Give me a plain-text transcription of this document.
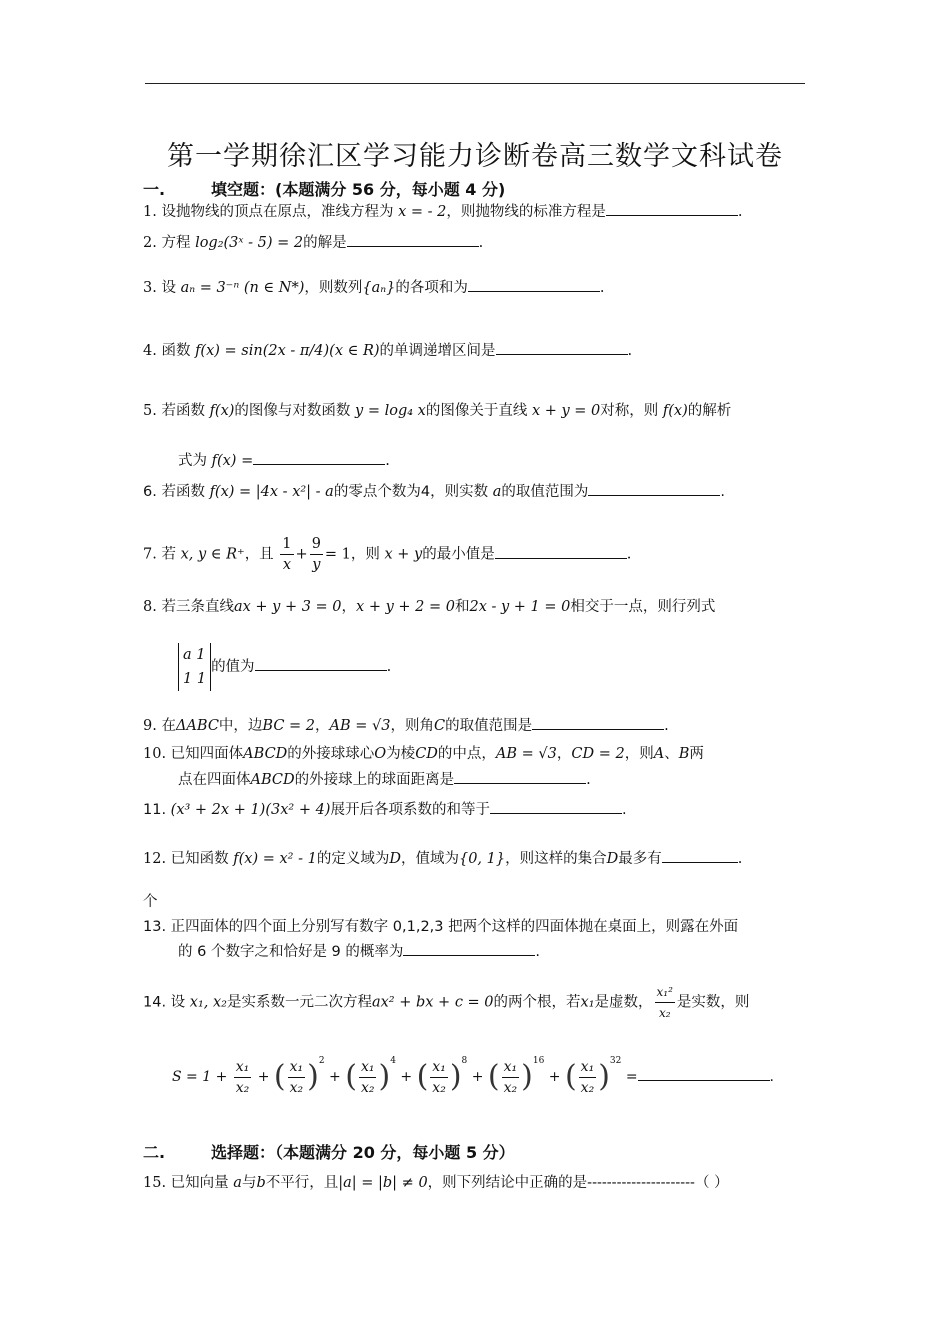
第一学期徐汇区学习能力诊断卷高三数学文科试卷
一.	填空题：(本题满分 56 分，每小题 4 分)
1. 设抛物线的顶点在原点，准线方程为 x = - 2，则抛物线的标准方程是	.
2. 方程 log₂(3ˣ - 5) = 2的解是	.
3. 设 aₙ = 3⁻ⁿ (n ∈ N*)，则数列{aₙ}的各项和为	.
4. 函数 f(x) = sin(2x - π/4)(x ∈ R)的单调递增区间是	.
5. 若函数 f(x)的图像与对数函数 y = log₄ x的图像关于直线 x + y = 0对称，则 f(x)的解析
式为 f(x) =	.
6. 若函数 f(x) = |4x - x²| - a的零点个数为4，则实数 a的取值范围为	.
7. 若 x, y ∈ R⁺，且 $\frac{1}{x} + \frac{9}{y} = 1$，则 x + y的最小值是	.
8. 若三条直线ax + y + 3 = 0，x + y + 2 = 0和2x - y + 1 = 0相交于一点，则行列式
a 1
1 1的值为	.
9. 在ΔABC中，边BC = 2，AB = √3，则角C的取值范围是	.
10. 已知四面体ABCD的外接球球心O为棱CD的中点，AB = √3，CD = 2，则A、B两
点在四面体ABCD的外接球上的球面距离是	.
11. (x³ + 2x + 1)(3x² + 4)展开后各项系数的和等于	.
12. 已知函数 f(x) = x² - 1的定义域为D，值域为{0, 1}，则这样的集合D最多有	.
个
13. 正四面体的四个面上分别写有数字 0,1,2,3 把两个这样的四面体抛在桌面上，则露在外面
的 6 个数字之和恰好是 9 的概率为	.
14. 设 x₁, x₂是实系数一元二次方程ax² + bx + c = 0的两个根，若x₁是虚数， $\frac{\text{x₁²}}{\text{x₂}}$ 是实数，则
$S = 1 + \frac{\text{x₁}}{\text{x₂}}$ + ( $\frac{\text{x₁}}{\text{x₂}} )^2$ + ( $\frac{\text{x₁}}{\text{x₂}} )^4$ + ( $\frac{\text{x₁}}{\text{x₂}} )^8$ + ( $\frac{\text{x₁}}{\text{x₂}} )^{16}$ + ( $\frac{\text{x₁}}{\text{x₂}} )^{32}$ =	.
二.	选择题：（本题满分 20 分，每小题 5 分）
15. 已知向量 a与b不平行，且|a| = |b| ≠ 0，则下列结论中正确的是----------------------（ ）
